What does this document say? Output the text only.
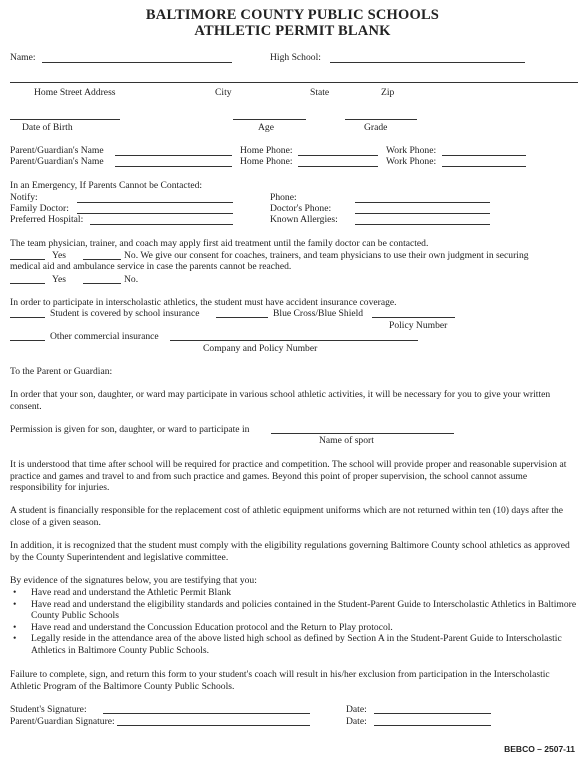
BALTIMORE COUNTY PUBLIC SCHOOLS
ATHLETIC PERMIT BLANK
Name:	High School:
Home Street Address	City	State	Zip
Date of Birth	Age	Grade
Parent/Guardian's Name	Home Phone:	Work Phone:
Parent/Guardian's Name	Home Phone:	Work Phone:
In an Emergency, If Parents Cannot be Contacted:
Notify:	Phone:
Family Doctor:	Doctor's Phone:
Preferred Hospital:	Known Allergies:
The team physician, trainer, and coach may apply first aid treatment until the family doctor can be contacted.
Yes	No. We give our consent for coaches, trainers, and team physicians to use their own judgment in securing
medical aid and ambulance service in case the parents cannot be reached.
Yes	No.
In order to participate in interscholastic athletics, the student must have accident insurance coverage.
Student is covered by school insurance	Blue Cross/Blue Shield
Policy Number
Other commercial insurance
Company and Policy Number
To the Parent or Guardian:
In order that your son, daughter, or ward may participate in various school athletic activities, it will be necessary for you to give your written consent.
Permission is given for son, daughter, or ward to participate in
Name of sport
It is understood that time after school will be required for practice and competition. The school will provide proper and reasonable supervision at practice and games and travel to and from such practice and games. Beyond this point of proper supervision, the school cannot assume responsibility for injuries.
A student is financially responsible for the replacement cost of athletic equipment uniforms which are not returned within ten (10) days after the close of a given season.
In addition, it is recognized that the student must comply with the eligibility regulations governing Baltimore County school athletics as approved by the County Superintendent and legislative committee.
By evidence of the signatures below, you are testifying that you:
• Have read and understand the Athletic Permit Blank
• Have read and understand the eligibility standards and policies contained in the Student-Parent Guide to Interscholastic Athletics in Baltimore County Public Schools
• Have read and understand the Concussion Education protocol and the Return to Play protocol.
• Legally reside in the attendance area of the above listed high school as defined by Section A in the Student-Parent Guide to Interscholastic Athletics in Baltimore County Public Schools.
Failure to complete, sign, and return this form to your student's coach will result in his/her exclusion from participation in the Interscholastic Athletic Program of the Baltimore County Public Schools.
Student's Signature:	Date:
Parent/Guardian Signature:	Date:
BEBCO – 2507-11
